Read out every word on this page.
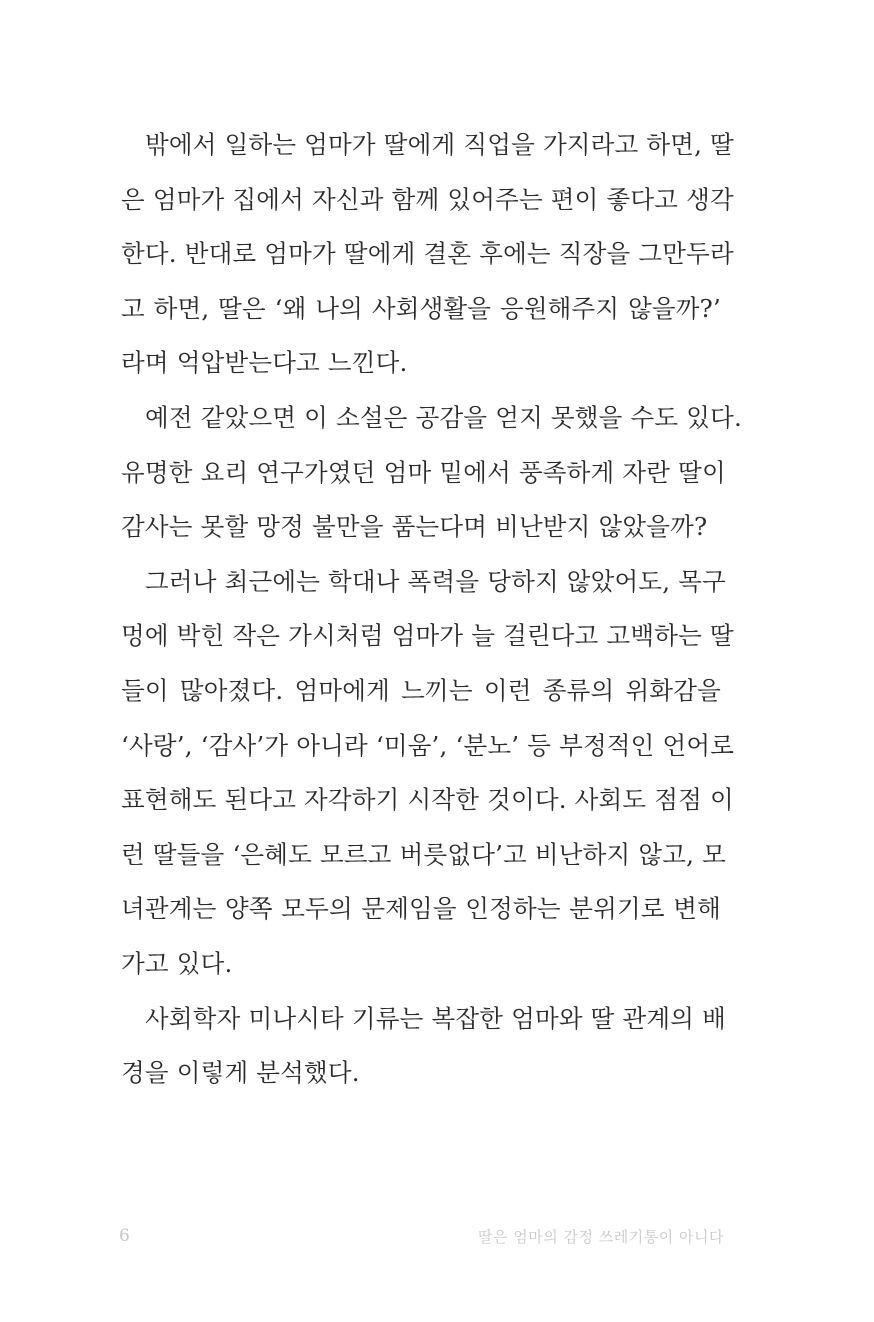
밖에서 일하는 엄마가 딸에게 직업을 가지라고 하면, 딸
은 엄마가 집에서 자신과 함께 있어주는 편이 좋다고 생각
한다. 반대로 엄마가 딸에게 결혼 후에는 직장을 그만두라
고 하면, 딸은 ‘왜 나의 사회생활을 응원해주지 않을까?’
라며 억압받는다고 느낀다.
예전 같았으면 이 소설은 공감을 얻지 못했을 수도 있다.
유명한 요리 연구가였던 엄마 밑에서 풍족하게 자란 딸이
감사는 못할 망정 불만을 품는다며 비난받지 않았을까?
그러나 최근에는 학대나 폭력을 당하지 않았어도, 목구
멍에 박힌 작은 가시처럼 엄마가 늘 걸린다고 고백하는 딸
들이 많아졌다. 엄마에게 느끼는 이런 종류의 위화감을
‘사랑’, ‘감사’가 아니라 ‘미움’, ‘분노’ 등 부정적인 언어로
표현해도 된다고 자각하기 시작한 것이다. 사회도 점점 이
런 딸들을 ‘은혜도 모르고 버릇없다’고 비난하지 않고, 모
녀관계는 양쪽 모두의 문제임을 인정하는 분위기로 변해
가고 있다.
사회학자 미나시타 기류는 복잡한 엄마와 딸 관계의 배
경을 이렇게 분석했다.
6	딸은 엄마의 감정 쓰레기통이 아니다
